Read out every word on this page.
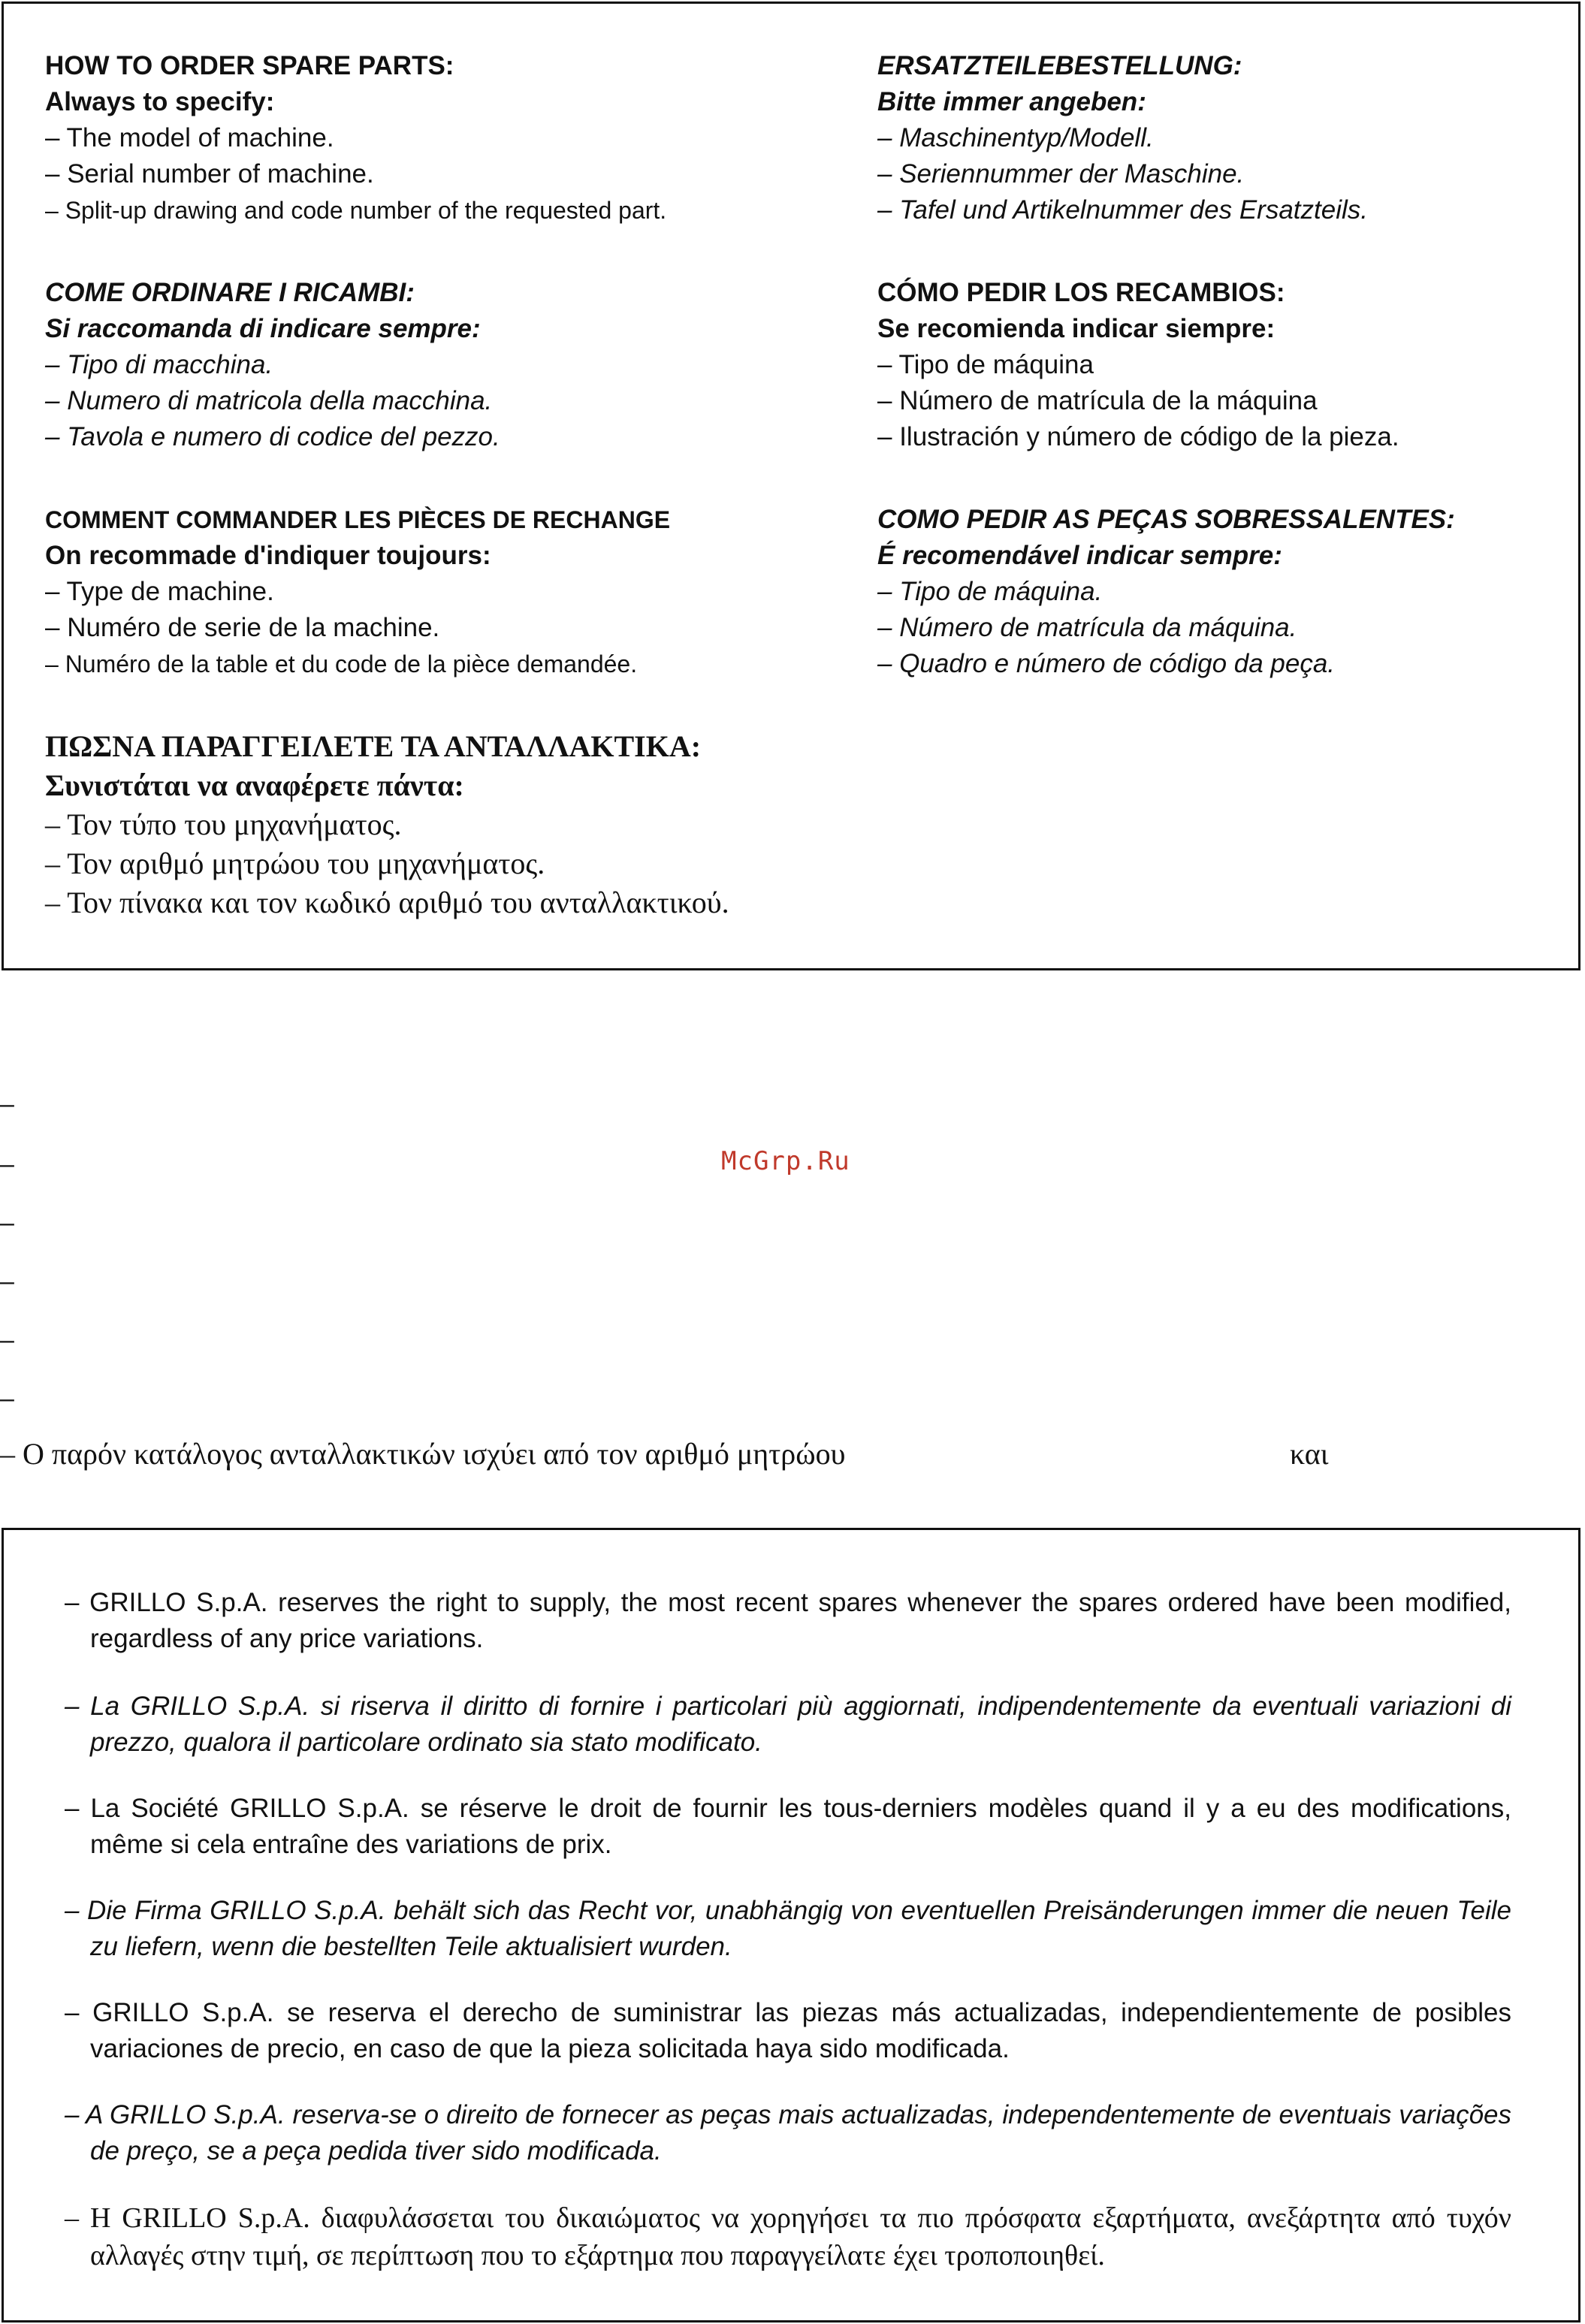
HOW TO ORDER SPARE PARTS:
Always to specify:
– The model of machine.
– Serial number of machine.
– Split-up drawing and code number of the requested part.
ERSATZTEILEBESTELLUNG:
Bitte immer angeben:
– Maschinentyp/Modell.
– Seriennummer der Maschine.
– Tafel und Artikelnummer des Ersatzteils.
COME ORDINARE I RICAMBI:
Si raccomanda di indicare sempre:
– Tipo di macchina.
– Numero di matricola della macchina.
– Tavola e numero di codice del pezzo.
CÓMO PEDIR LOS RECAMBIOS:
Se recomienda indicar siempre:
– Tipo de máquina
– Número de matrícula de la máquina
– Ilustración y número de código de la pieza.
COMMENT COMMANDER LES PIÈCES DE RECHANGE
On recommade d'indiquer toujours:
– Type de machine.
– Numéro de serie de la machine.
– Numéro de la table et du code de la pièce demandée.
COMO PEDIR AS PEÇAS SOBRESSALENTES:
É recomendável indicar sempre:
– Tipo de máquina.
– Número de matrícula da máquina.
– Quadro e número de código da peça.
ΠΩΣΝΑ ΠΑΡΑΓΓΕΙΛΕΤΕ ΤΑ ΑΝΤΑΛΛΑΚΤΙΚΑ:
Συνιστάται να αναφέρετε πάντα:
– Τον τύπο του μηχανήματος.
– Τον αριθμό μητρώου του μηχανήματος.
– Τον πίνακα και τον κωδικό αριθμό του ανταλλακτικού.
–
–
–
–
–
–
McGrp.Ru
– Ο παρόν κατάλογος ανταλλακτικών ισχύει από τον αριθμό μητρώου	και
– GRILLO S.p.A. reserves the right to supply, the most recent spares whenever the spares ordered have been modified, regardless of any price variations.
– La GRILLO S.p.A. si riserva il diritto di fornire i particolari più aggiornati, indipendentemente da eventuali variazioni di prezzo, qualora il particolare ordinato sia stato modificato.
– La Société GRILLO S.p.A. se réserve le droit de fournir les tous-derniers modèles quand il y a eu des modifications, même si cela entraîne des variations de prix.
– Die Firma GRILLO S.p.A. behält sich das Recht vor, unabhängig von eventuellen Preisänderungen immer die neuen Teile zu liefern, wenn die bestellten Teile aktualisiert wurden.
– GRILLO S.p.A. se reserva el derecho de suministrar las piezas más actualizadas, independientemente de posibles variaciones de precio, en caso de que la pieza solicitada haya sido modificada.
– A GRILLO S.p.A. reserva-se o direito de fornecer as peças mais actualizadas, independentemente de eventuais variações de preço, se a peça pedida tiver sido modificada.
– Η GRILLO S.p.A. διαφυλάσσεται του δικαιώματος να χορηγήσει τα πιο πρόσφατα εξαρτήματα, ανεξάρτητα από τυχόν αλλαγές στην τιμή, σε περίπτωση που το εξάρτημα που παραγγείλατε έχει τροποποιηθεί.
